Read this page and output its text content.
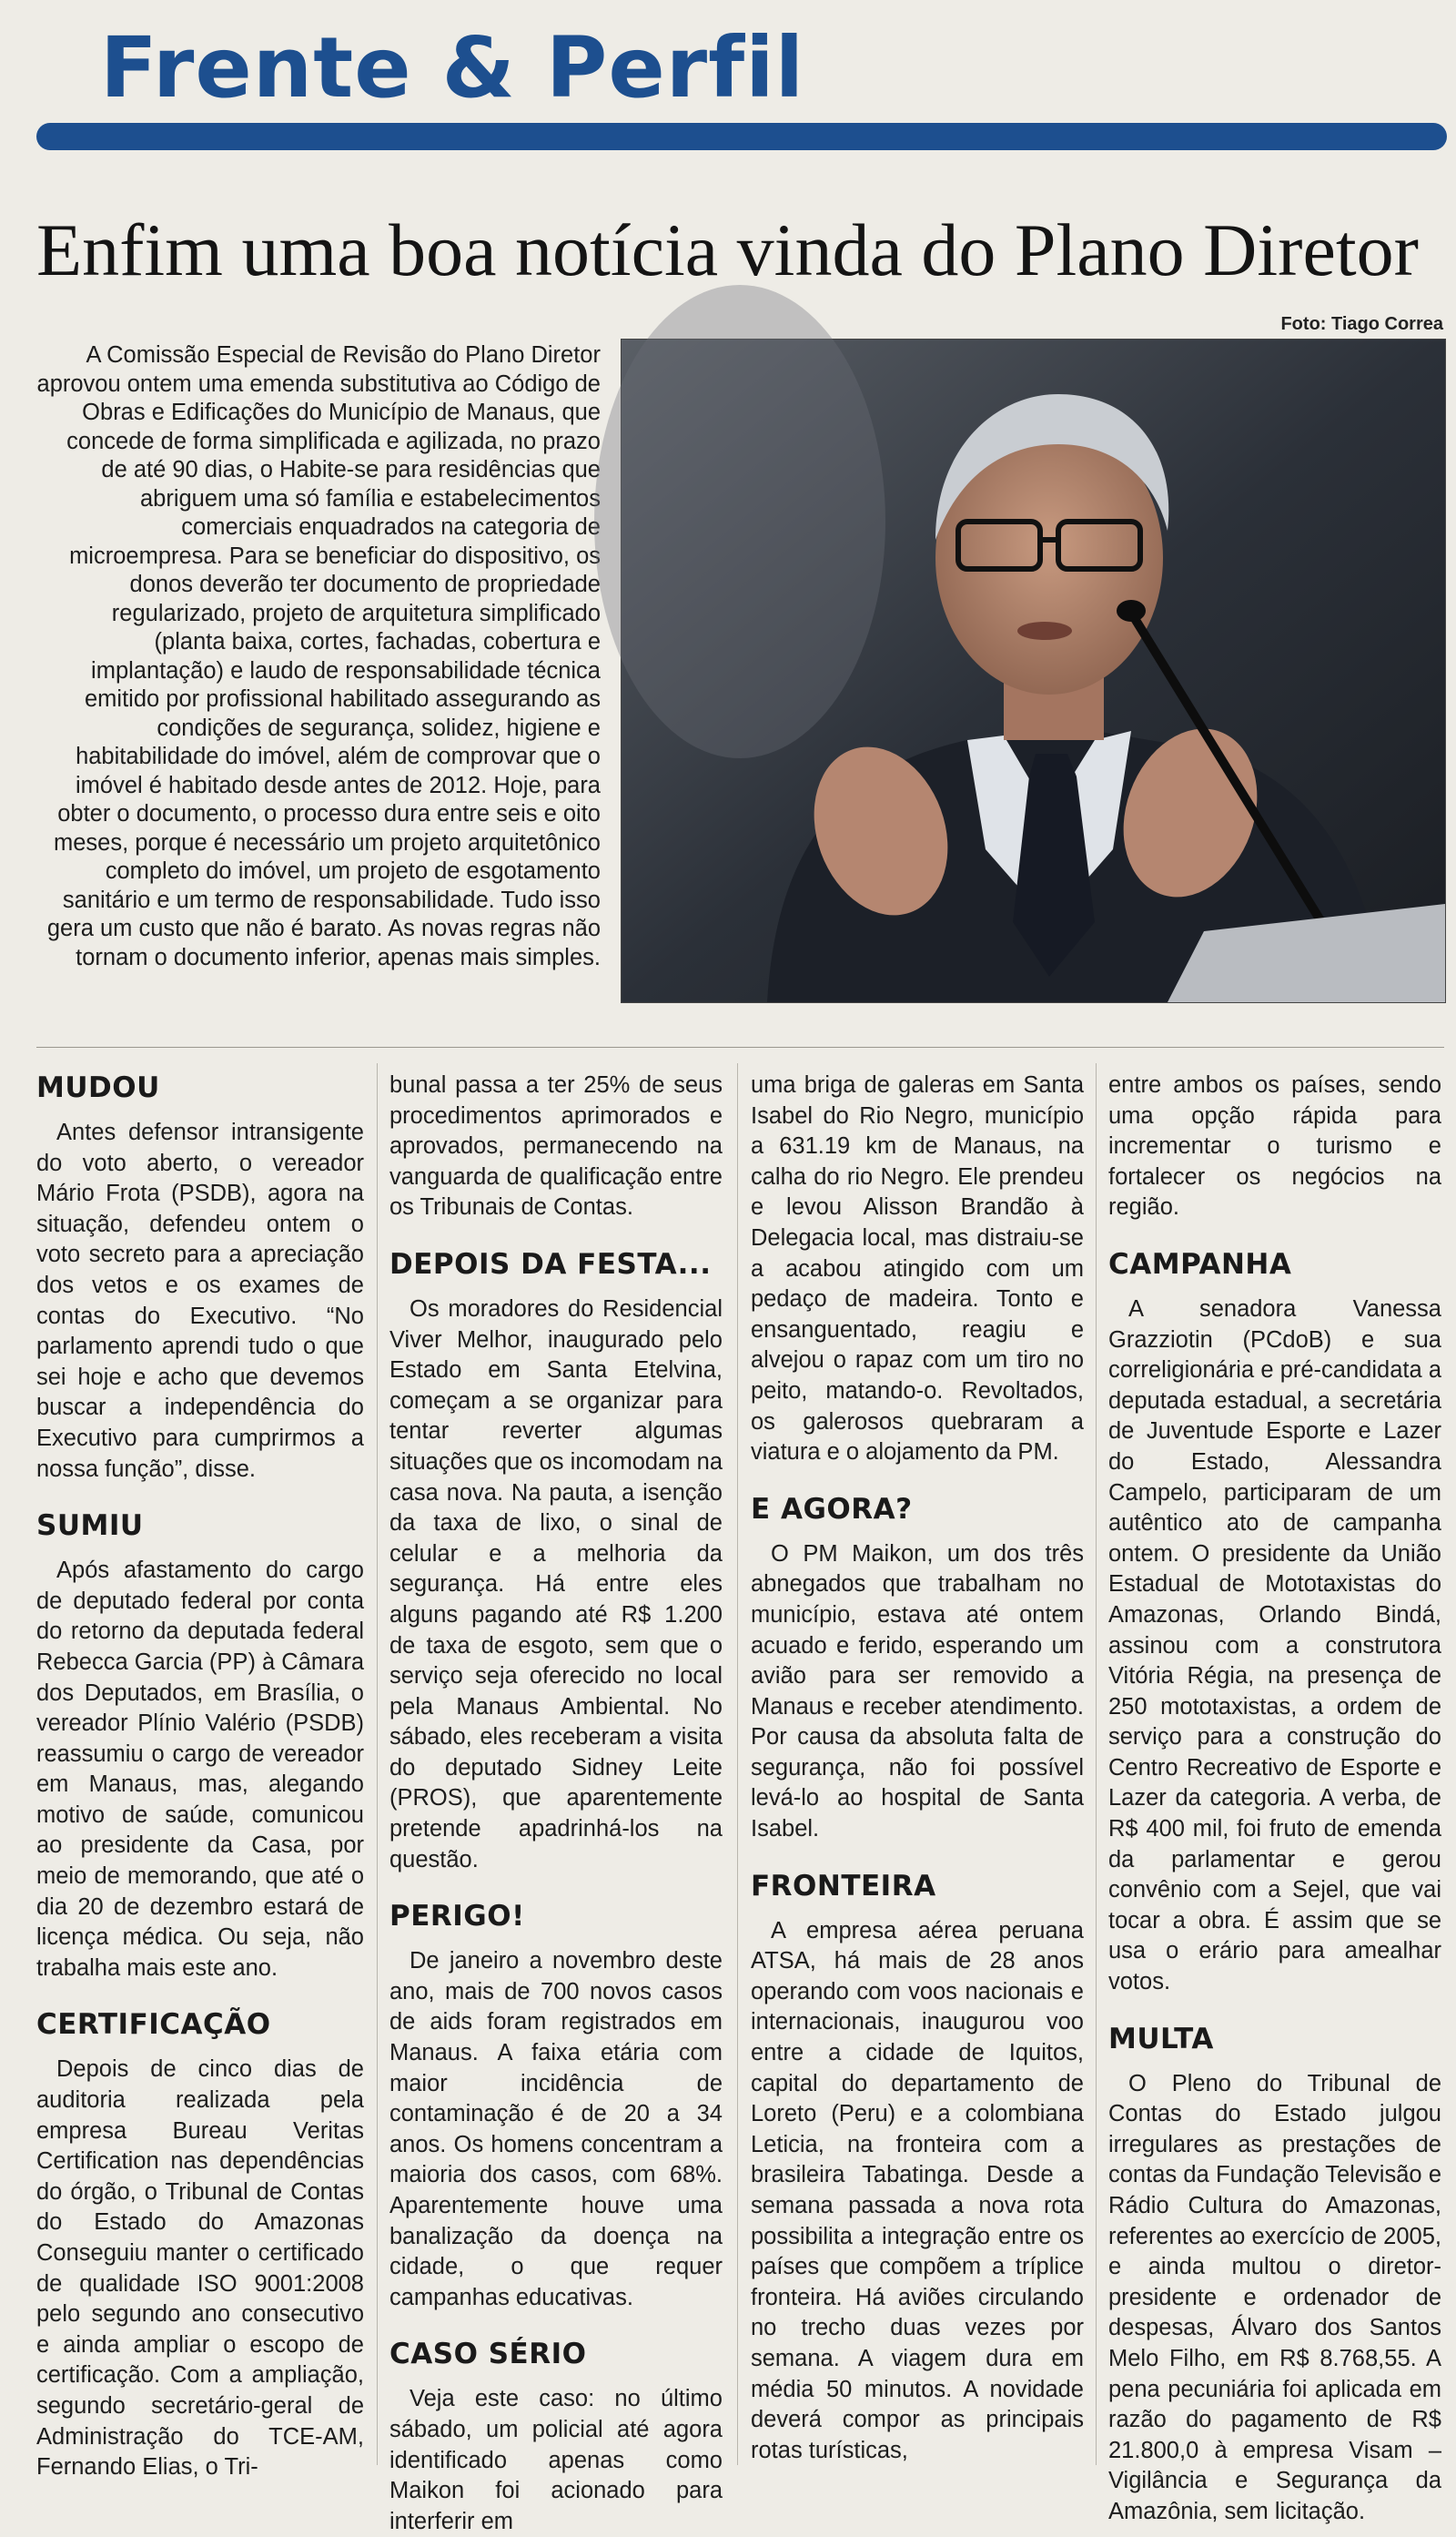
Frente & Perfil
Enfim uma boa notícia vinda do Plano Diretor
Foto: Tiago Correa

A Comissão Especial de Revisão do Plano Diretor aprovou ontem uma emenda substitutiva ao Código de Obras e Edificações do Município de Manaus, que concede de forma simplificada e agilizada, no prazo de até 90 dias, o Habite-se para residências que abriguem uma só família e estabelecimentos comerciais enquadrados na categoria de microempresa. Para se beneficiar do dispositivo, os donos deverão ter documento de propriedade regularizado, projeto de arquitetura simplificado (planta baixa, cortes, fachadas, cobertura e implantação) e laudo de responsabilidade técnica emitido por profissional habilitado assegurando as condições de segurança, solidez, higiene e habitabilidade do imóvel, além de comprovar que o imóvel é habitado desde antes de 2012. Hoje, para obter o documento, o processo dura entre seis e oito meses, porque é necessário um projeto arquitetônico completo do imóvel, um projeto de esgotamento sanitário e um termo de responsabilidade. Tudo isso gera um custo que não é barato. As novas regras não tornam o documento inferior, apenas mais simples.

MUDOU

Antes defensor intransigente do voto aberto, o vereador Mário Frota (PSDB), agora na situação, defendeu ontem o voto secreto para a apreciação dos vetos e os exames de contas do Executivo. “No parlamento aprendi tudo o que sei hoje e acho que devemos buscar a independência do Executivo para cumprirmos a nossa função”, disse.

SUMIU

Após afastamento do cargo de deputado federal por conta do retorno da deputada federal Rebecca Garcia (PP) à Câmara dos Deputados, em Brasília, o vereador Plínio Valério (PSDB) reassumiu o cargo de vereador em Manaus, mas, alegando motivo de saúde, comunicou ao presidente da Casa, por meio de memorando, que até o dia 20 de dezembro estará de licença médica. Ou seja, não trabalha mais este ano.

CERTIFICAÇÃO

Depois de cinco dias de auditoria realizada pela empresa Bureau Veritas Certification nas dependências do órgão, o Tribunal de Contas do Estado do Amazonas Conseguiu manter o certificado de qualidade ISO 9001:2008 pelo segundo ano consecutivo e ainda ampliar o escopo de certificação. Com a ampliação, segundo secretário-geral de Administração do TCE-AM, Fernando Elias, o Tri-

bunal passa a ter 25% de seus procedimentos aprimorados e aprovados, permanecendo na vanguarda de qualificação entre os Tribunais de Contas.

DEPOIS DA FESTA...

Os moradores do Residencial Viver Melhor, inaugurado pelo Estado em Santa Etelvina, começam a se organizar para tentar reverter algumas situações que os incomodam na casa nova. Na pauta, a isenção da taxa de lixo, o sinal de celular e a melhoria da segurança. Há entre eles alguns pagando até R$ 1.200 de taxa de esgoto, sem que o serviço seja oferecido no local pela Manaus Ambiental. No sábado, eles receberam a visita do deputado Sidney Leite (PROS), que aparentemente pretende apadrinhá-los na questão.

PERIGO!

De janeiro a novembro deste ano, mais de 700 novos casos de aids foram registrados em Manaus. A faixa etária com maior incidência de contaminação é de 20 a 34 anos. Os homens concentram a maioria dos casos, com 68%. Aparentemente houve uma banalização da doença na cidade, o que requer campanhas educativas.

CASO SÉRIO

Veja este caso: no último sábado, um policial até agora identificado apenas como Maikon foi acionado para interferir em

uma briga de galeras em Santa Isabel do Rio Negro, município a 631.19 km de Manaus, na calha do rio Negro. Ele prendeu e levou Alisson Brandão à Delegacia local, mas distraiu-se a acabou atingido com um pedaço de madeira. Tonto e ensanguentado, reagiu e alvejou o rapaz com um tiro no peito, matando-o. Revoltados, os galerosos quebraram a viatura e o alojamento da PM.

E AGORA?

O PM Maikon, um dos três abnegados que trabalham no município, estava até ontem acuado e ferido, esperando um avião para ser removido a Manaus e receber atendimento. Por causa da absoluta falta de segurança, não foi possível levá-lo ao hospital de Santa Isabel.

FRONTEIRA

A empresa aérea peruana ATSA, há mais de 28 anos operando com voos nacionais e internacionais, inaugurou voo entre a cidade de Iquitos, capital do departamento de Loreto (Peru) e a colombiana Leticia, na fronteira com a brasileira Tabatinga. Desde a semana passada a nova rota possibilita a integração entre os países que compõem a tríplice fronteira. Há aviões circulando no trecho duas vezes por semana. A viagem dura em média 50 minutos. A novidade deverá compor as principais rotas turísticas,

entre ambos os países, sendo uma opção rápida para incrementar o turismo e fortalecer os negócios na região.

CAMPANHA

A senadora Vanessa Grazziotin (PCdoB) e sua correligionária e pré-candidata a deputada estadual, a secretária de Juventude Esporte e Lazer do Estado, Alessandra Campelo, participaram de um autêntico ato de campanha ontem. O presidente da União Estadual de Mototaxistas do Amazonas, Orlando Bindá, assinou com a construtora Vitória Régia, na presença de 250 mototaxistas, a ordem de serviço para a construção do Centro Recreativo de Esporte e Lazer da categoria. A verba, de R$ 400 mil, foi fruto de emenda da parlamentar e gerou convênio com a Sejel, que vai tocar a obra. É assim que se usa o erário para amealhar votos.

MULTA

O Pleno do Tribunal de Contas do Estado julgou irregulares as prestações de contas da Fundação Televisão e Rádio Cultura do Amazonas, referentes ao exercício de 2005, e ainda multou o diretor-presidente e ordenador de despesas, Álvaro dos Santos Melo Filho, em R$ 8.768,55. A pena pecuniária foi aplicada em razão do pagamento de R$ 21.800,0 à empresa Visam – Vigilância e Segurança da Amazônia, sem licitação.
